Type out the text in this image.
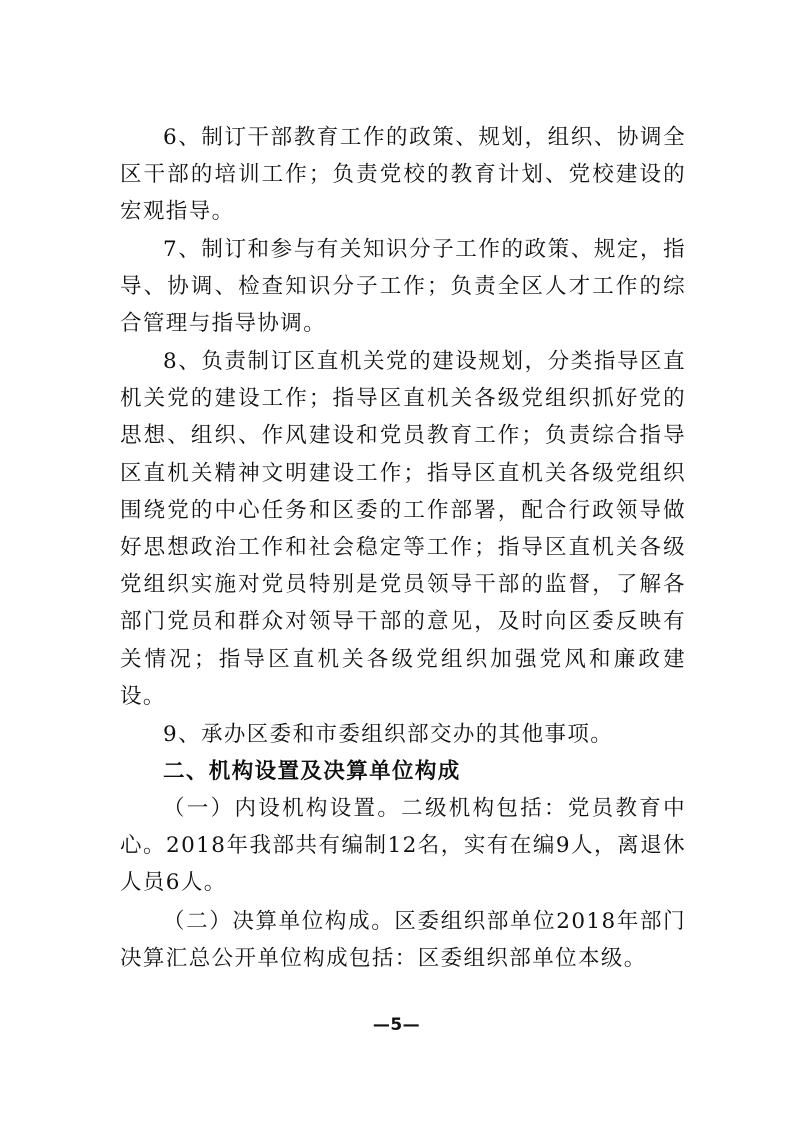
6、制订干部教育工作的政策、规划，组织、协调全区干部的培训工作；负责党校的教育计划、党校建设的宏观指导。

7、制订和参与有关知识分子工作的政策、规定，指导、协调、检查知识分子工作；负责全区人才工作的综合管理与指导协调。

8、负责制订区直机关党的建设规划，分类指导区直机关党的建设工作；指导区直机关各级党组织抓好党的思想、组织、作风建设和党员教育工作；负责综合指导区直机关精神文明建设工作；指导区直机关各级党组织围绕党的中心任务和区委的工作部署，配合行政领导做好思想政治工作和社会稳定等工作；指导区直机关各级党组织实施对党员特别是党员领导干部的监督，了解各部门党员和群众对领导干部的意见，及时向区委反映有关情况；指导区直机关各级党组织加强党风和廉政建设。

9、承办区委和市委组织部交办的其他事项。

二、机构设置及决算单位构成

（一）内设机构设置。二级机构包括：党员教育中心。2018年我部共有编制12名，实有在编9人，离退休人员6人。

（二）决算单位构成。区委组织部单位2018年部门决算汇总公开单位构成包括：区委组织部单位本级。

—5—
